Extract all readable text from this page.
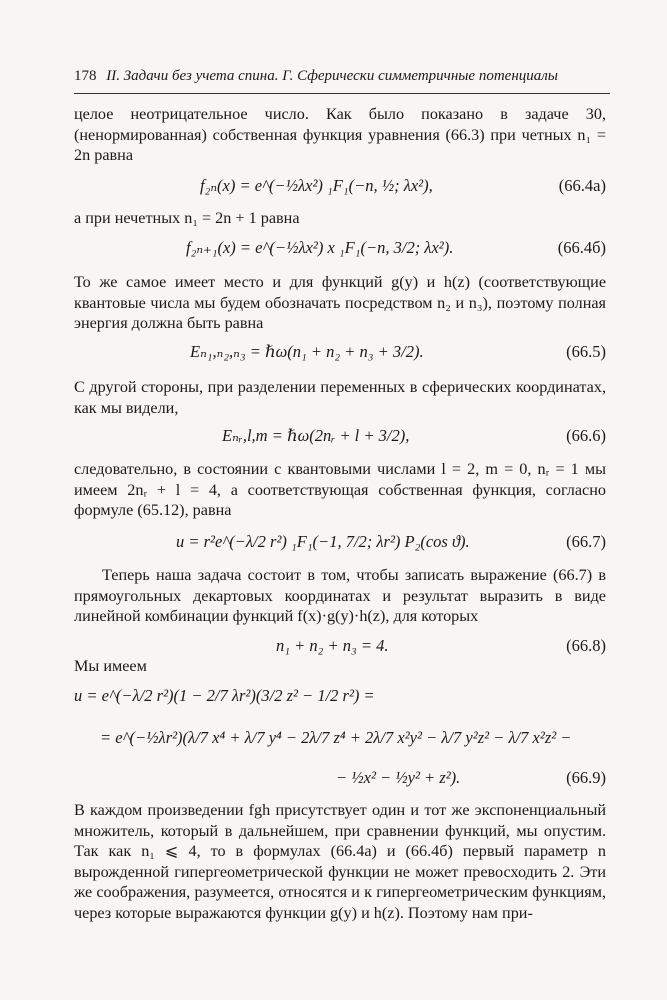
178 II. Задачи без учета спина. Г. Сферически симметричные потенциалы
целое неотрицательное число. Как было показано в задаче 30, (ненормированная) собственная функция уравнения (66.3) при четных n₁ = 2n равна
f₂ₙ(x) = e^(−½λx²) ₁F₁(−n, ½; λx²),	(66.4а)
а при нечетных n₁ = 2n + 1 равна
f₂ₙ₊₁(x) = e^(−½λx²) x ₁F₁(−n, 3/2; λx²).	(66.4б)
То же самое имеет место и для функций g(y) и h(z) (соответствующие квантовые числа мы будем обозначать посредством n₂ и n₃), поэтому полная энергия должна быть равна
Eₙ₁,ₙ₂,ₙ₃ = ℏω(n₁ + n₂ + n₃ + 3/2).	(66.5)
С другой стороны, при разделении переменных в сферических координатах, как мы видели,
Eₙᵣ,l,m = ℏω(2nᵣ + l + 3/2),	(66.6)
следовательно, в состоянии с квантовыми числами l = 2, m = 0, nᵣ = 1 мы имеем 2nᵣ + l = 4, а соответствующая собственная функция, согласно формуле (65.12), равна
u = r²e^(−λ/2 r²) ₁F₁(−1, 7/2; λr²) P₂(cos ϑ).	(66.7)
Теперь наша задача состоит в том, чтобы записать выражение (66.7) в прямоугольных декартовых координатах и результат выразить в виде линейной комбинации функций f(x)·g(y)·h(z), для которых
n₁ + n₂ + n₃ = 4.	(66.8)
Мы имеем
u = e^(−λ/2 r²)(1 − 2/7 λr²)(3/2 z² − 1/2 r²) =
= e^(−½λr²)(λ/7 x⁴ + λ/7 y⁴ − 2λ/7 z⁴ + 2λ/7 x²y² − λ/7 y²z² − λ/7 x²z² −
− ½x² − ½y² + z²).	(66.9)
В каждом произведении fgh присутствует один и тот же экспоненциальный множитель, который в дальнейшем, при сравнении функций, мы опустим. Так как n₁ ⩽ 4, то в формулах (66.4а) и (66.4б) первый параметр n вырожденной гипергеометрической функции не может превосходить 2. Эти же соображения, разумеется, относятся и к гипергеометрическим функциям, через которые выражаются функции g(y) и h(z). Поэтому нам при-
